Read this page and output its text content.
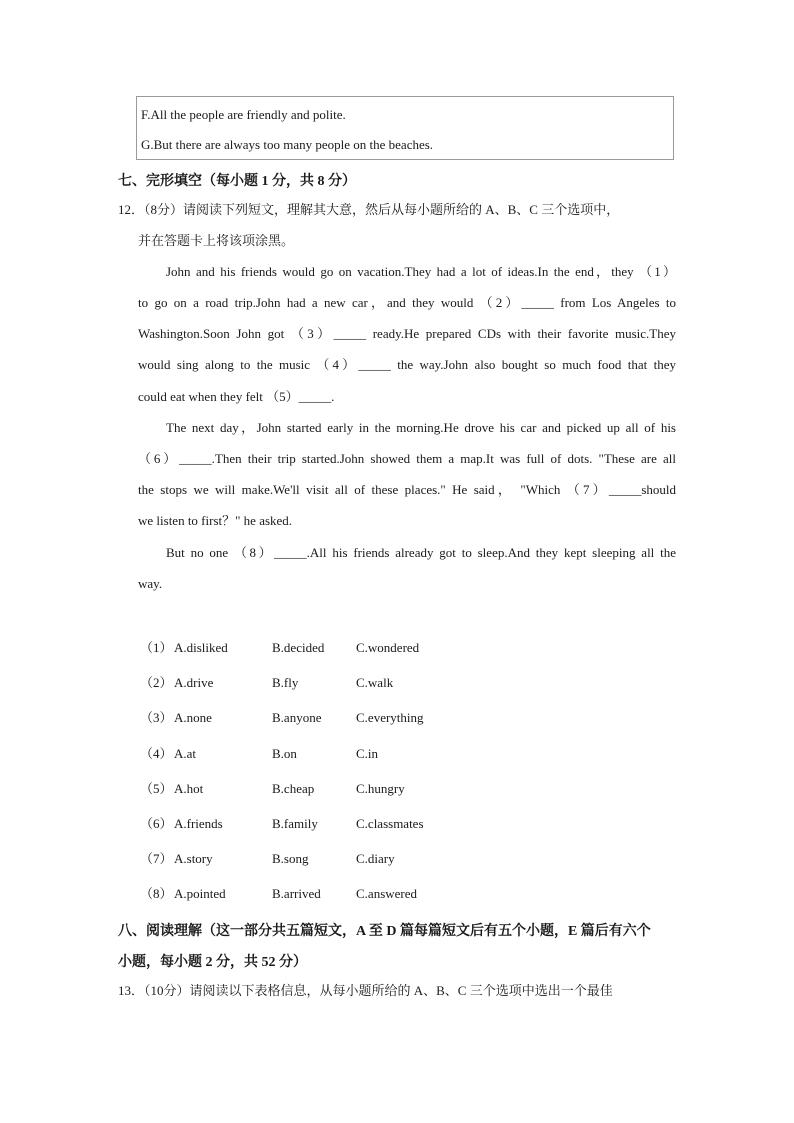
F.All the people are friendly and polite.
G.But there are always too many people on the beaches.
七、完形填空（每小题 1 分，共 8 分）
12．（8分）请阅读下列短文，理解其大意，然后从每小题所给的 A、B、C 三个选项中，
并在答题卡上将该项涂黑。
John and his friends would go on vacation.They had a lot of ideas.In the end，they （1）
to go on a road trip.John had a new car，and they would （2）_____ from Los Angeles to
Washington.Soon John got （3）_____ ready.He prepared CDs with their favorite music.They
would sing along to the music （4）_____ the way.John also bought so much food that they
could eat when they felt （5）_____.
The next day，John started early in the morning.He drove his car and picked up all of his
（6）_____.Then their trip started.John showed them a map.It was full of dots. "These are all
the stops we will make.We'll visit all of these places." He said， "Which （7）_____should
we listen to first？" he asked.
But no one （8）_____.All his friends already got to sleep.And they kept sleeping all the
way.
（1） A.disliked	B.decided C.wondered
（2） A.drive	B.fly	C.walk
（3） A.none	B.anyone	C.everything
（4） A.at	B.on	C.in
（5） A.hot	B.cheap	C.hungry
（6） A.friends	B.family	C.classmates
（7） A.story	B.song	C.diary
（8） A.pointed	B.arrived	C.answered
八、阅读理解（这一部分共五篇短文，A 至 D 篇每篇短文后有五个小题，E 篇后有六个
小题，每小题 2 分，共 52 分）
13．（10分）请阅读以下表格信息，从每小题所给的 A、B、C 三个选项中选出一个最佳
